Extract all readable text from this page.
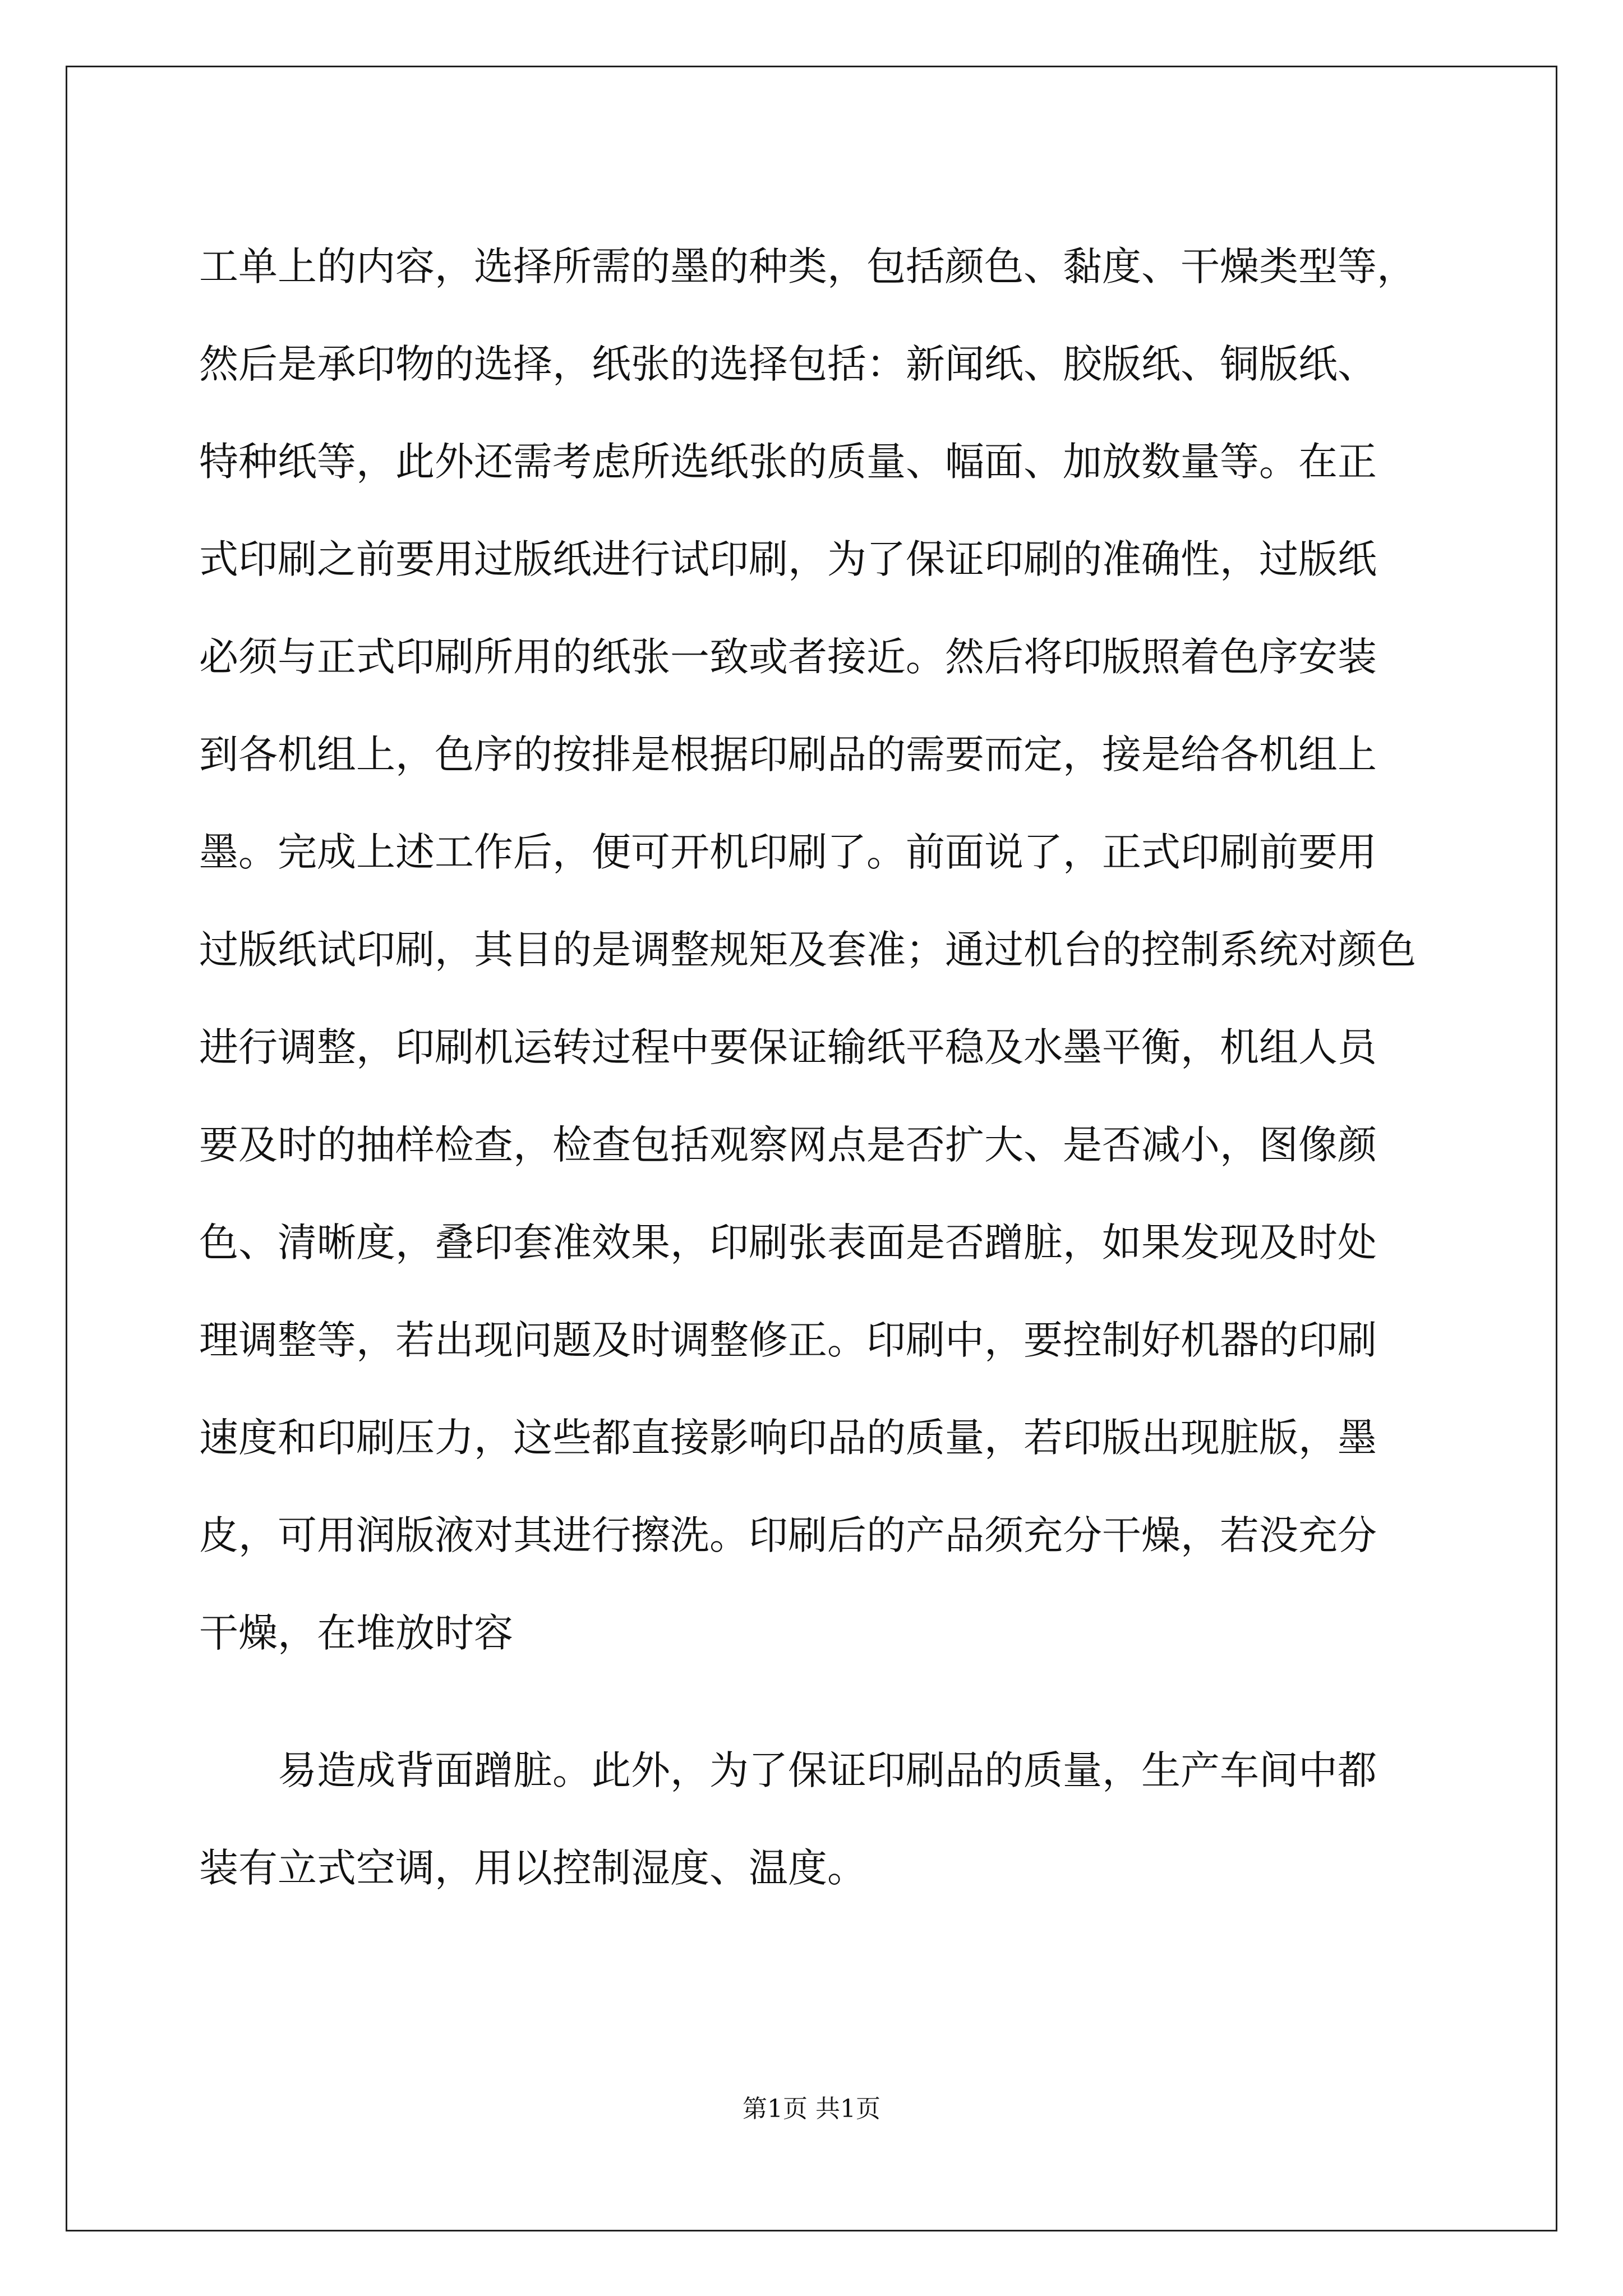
工单上的内容，选择所需的墨的种类，包括颜色、黏度、干燥类型等，
然后是承印物的选择，纸张的选择包括：新闻纸、胶版纸、铜版纸、
特种纸等，此外还需考虑所选纸张的质量、幅面、加放数量等。在正
式印刷之前要用过版纸进行试印刷，为了保证印刷的准确性，过版纸
必须与正式印刷所用的纸张一致或者接近。然后将印版照着色序安装
到各机组上，色序的按排是根据印刷品的需要而定，接是给各机组上
墨。完成上述工作后，便可开机印刷了。前面说了，正式印刷前要用
过版纸试印刷，其目的是调整规矩及套准；通过机台的控制系统对颜色
进行调整，印刷机运转过程中要保证输纸平稳及水墨平衡，机组人员
要及时的抽样检查，检查包括观察网点是否扩大、是否减小，图像颜
色、清晰度，叠印套准效果，印刷张表面是否蹭脏，如果发现及时处
理调整等，若出现问题及时调整修正。印刷中，要控制好机器的印刷
速度和印刷压力，这些都直接影响印品的质量，若印版出现脏版，墨
皮，可用润版液对其进行擦洗。印刷后的产品须充分干燥，若没充分
干燥，在堆放时容
易造成背面蹭脏。此外，为了保证印刷品的质量，生产车间中都
装有立式空调，用以控制湿度、温度。
第1页 共1页
